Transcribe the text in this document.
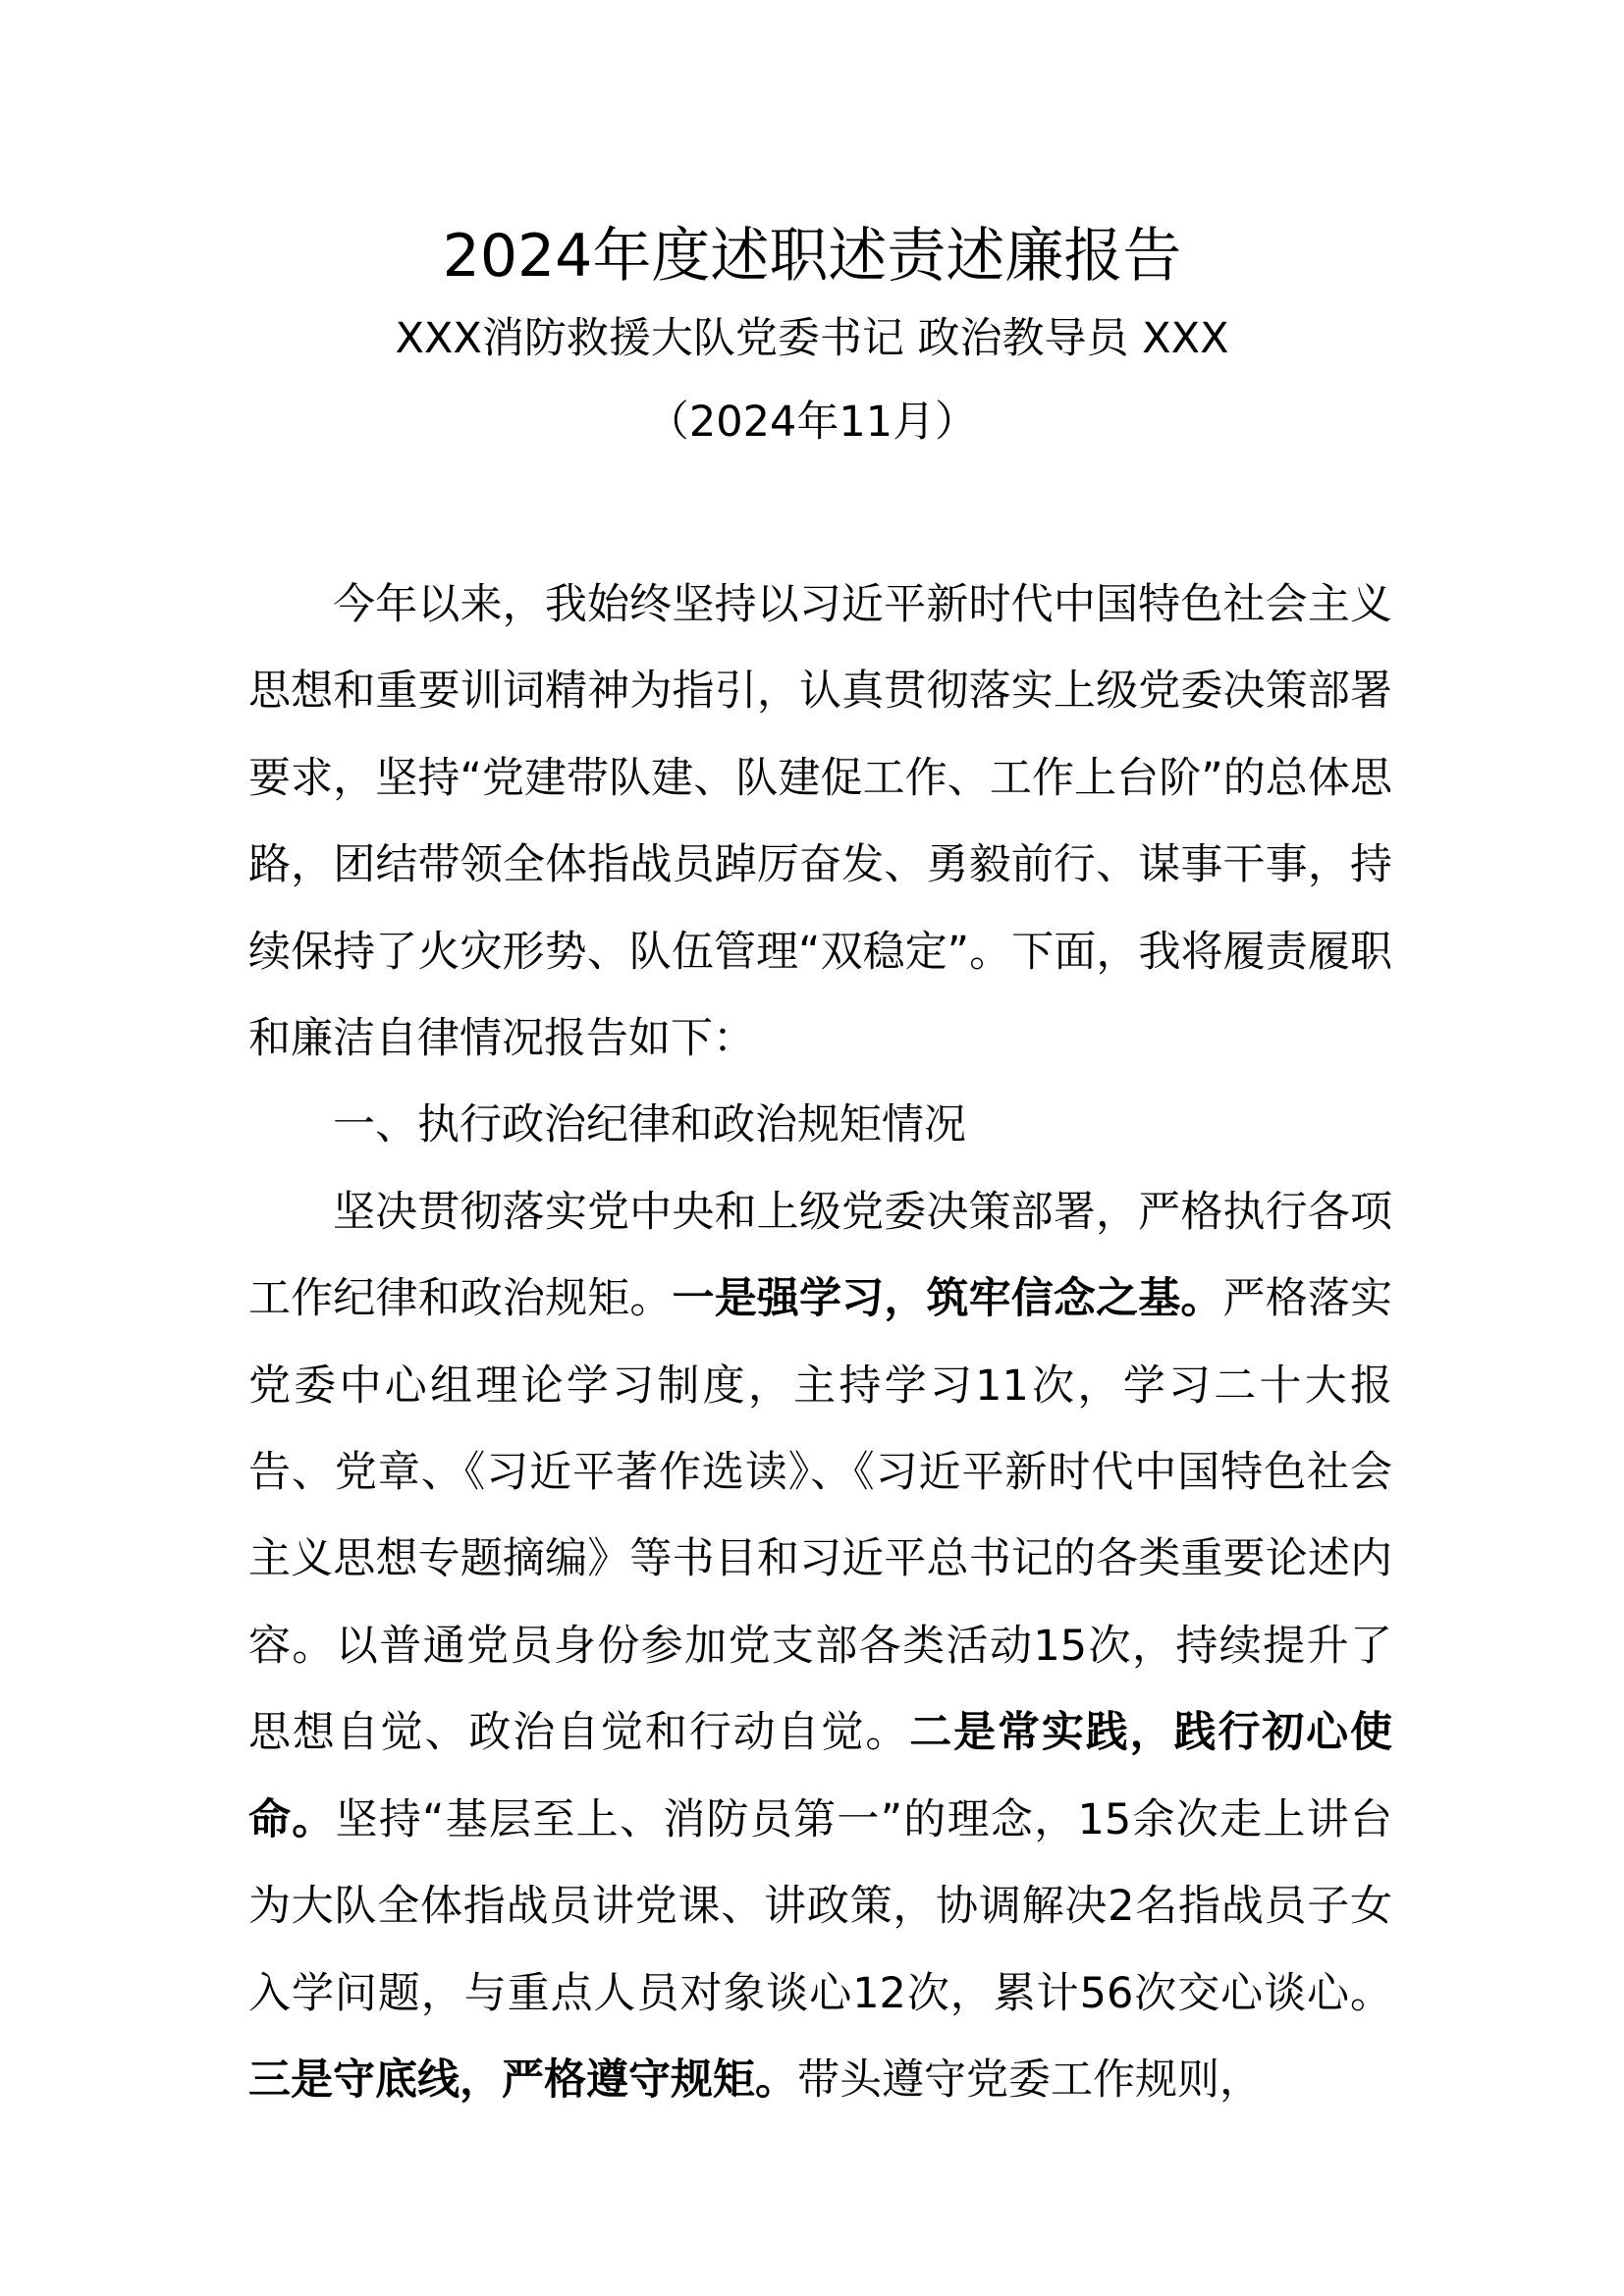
2024年度述职述责述廉报告

XXX消防救援大队党委书记 政治教导员 XXX

（2024年11月）

今年以来，我始终坚持以习近平新时代中国特色社会主义思想和重要训词精神为指引，认真贯彻落实上级党委决策部署要求，坚持“党建带队建、队建促工作、工作上台阶”的总体思路，团结带领全体指战员踔厉奋发、勇毅前行、谋事干事，持续保持了火灾形势、队伍管理“双稳定”。下面，我将履责履职和廉洁自律情况报告如下：

一、执行政治纪律和政治规矩情况

坚决贯彻落实党中央和上级党委决策部署，严格执行各项工作纪律和政治规矩。一是强学习，筑牢信念之基。严格落实党委中心组理论学习制度，主持学习11次，学习二十大报告、党章、《习近平著作选读》、《习近平新时代中国特色社会主义思想专题摘编》等书目和习近平总书记的各类重要论述内容。以普通党员身份参加党支部各类活动15次，持续提升了思想自觉、政治自觉和行动自觉。二是常实践，践行初心使命。坚持“基层至上、消防员第一”的理念，15余次走上讲台为大队全体指战员讲党课、讲政策，协调解决2名指战员子女入学问题，与重点人员对象谈心12次，累计56次交心谈心。三是守底线，严格遵守规矩。带头遵守党委工作规则，
